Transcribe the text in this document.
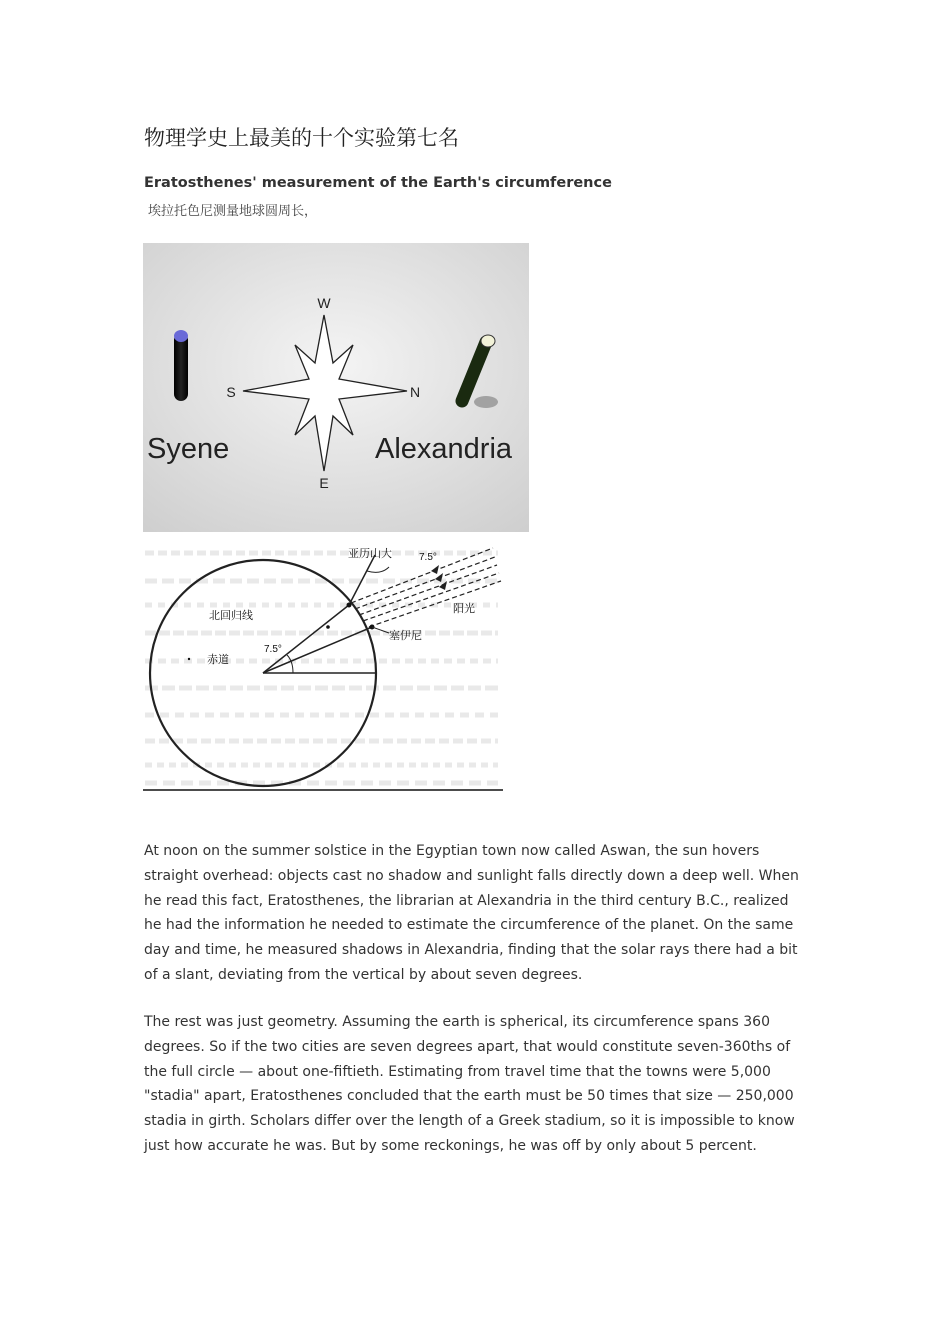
物理学史上最美的十个实验第七名

Eratosthenes' measurement of the Earth's circumference

埃拉托色尼测量地球圆周长，

W
S	N
E
Syene	Alexandria
亚历山大	7.5°
阳光
北回归线
塞伊尼
7.5°
赤道

At noon on the summer solstice in the Egyptian town now called Aswan, the sun hovers straight overhead: objects cast no shadow and sunlight falls directly down a deep well. When he read this fact, Eratosthenes, the librarian at Alexandria in the third century B.C., realized he had the information he needed to estimate the circumference of the planet. On the same day and time, he measured shadows in Alexandria, finding that the solar rays there had a bit of a slant, deviating from the vertical by about seven degrees.

The rest was just geometry. Assuming the earth is spherical, its circumference spans 360 degrees. So if the two cities are seven degrees apart, that would constitute seven-360ths of the full circle — about one-fiftieth. Estimating from travel time that the towns were 5,000 "stadia" apart, Eratosthenes concluded that the earth must be 50 times that size — 250,000 stadia in girth. Scholars differ over the length of a Greek stadium, so it is impossible to know just how accurate he was. But by some reckonings, he was off by only about 5 percent.
